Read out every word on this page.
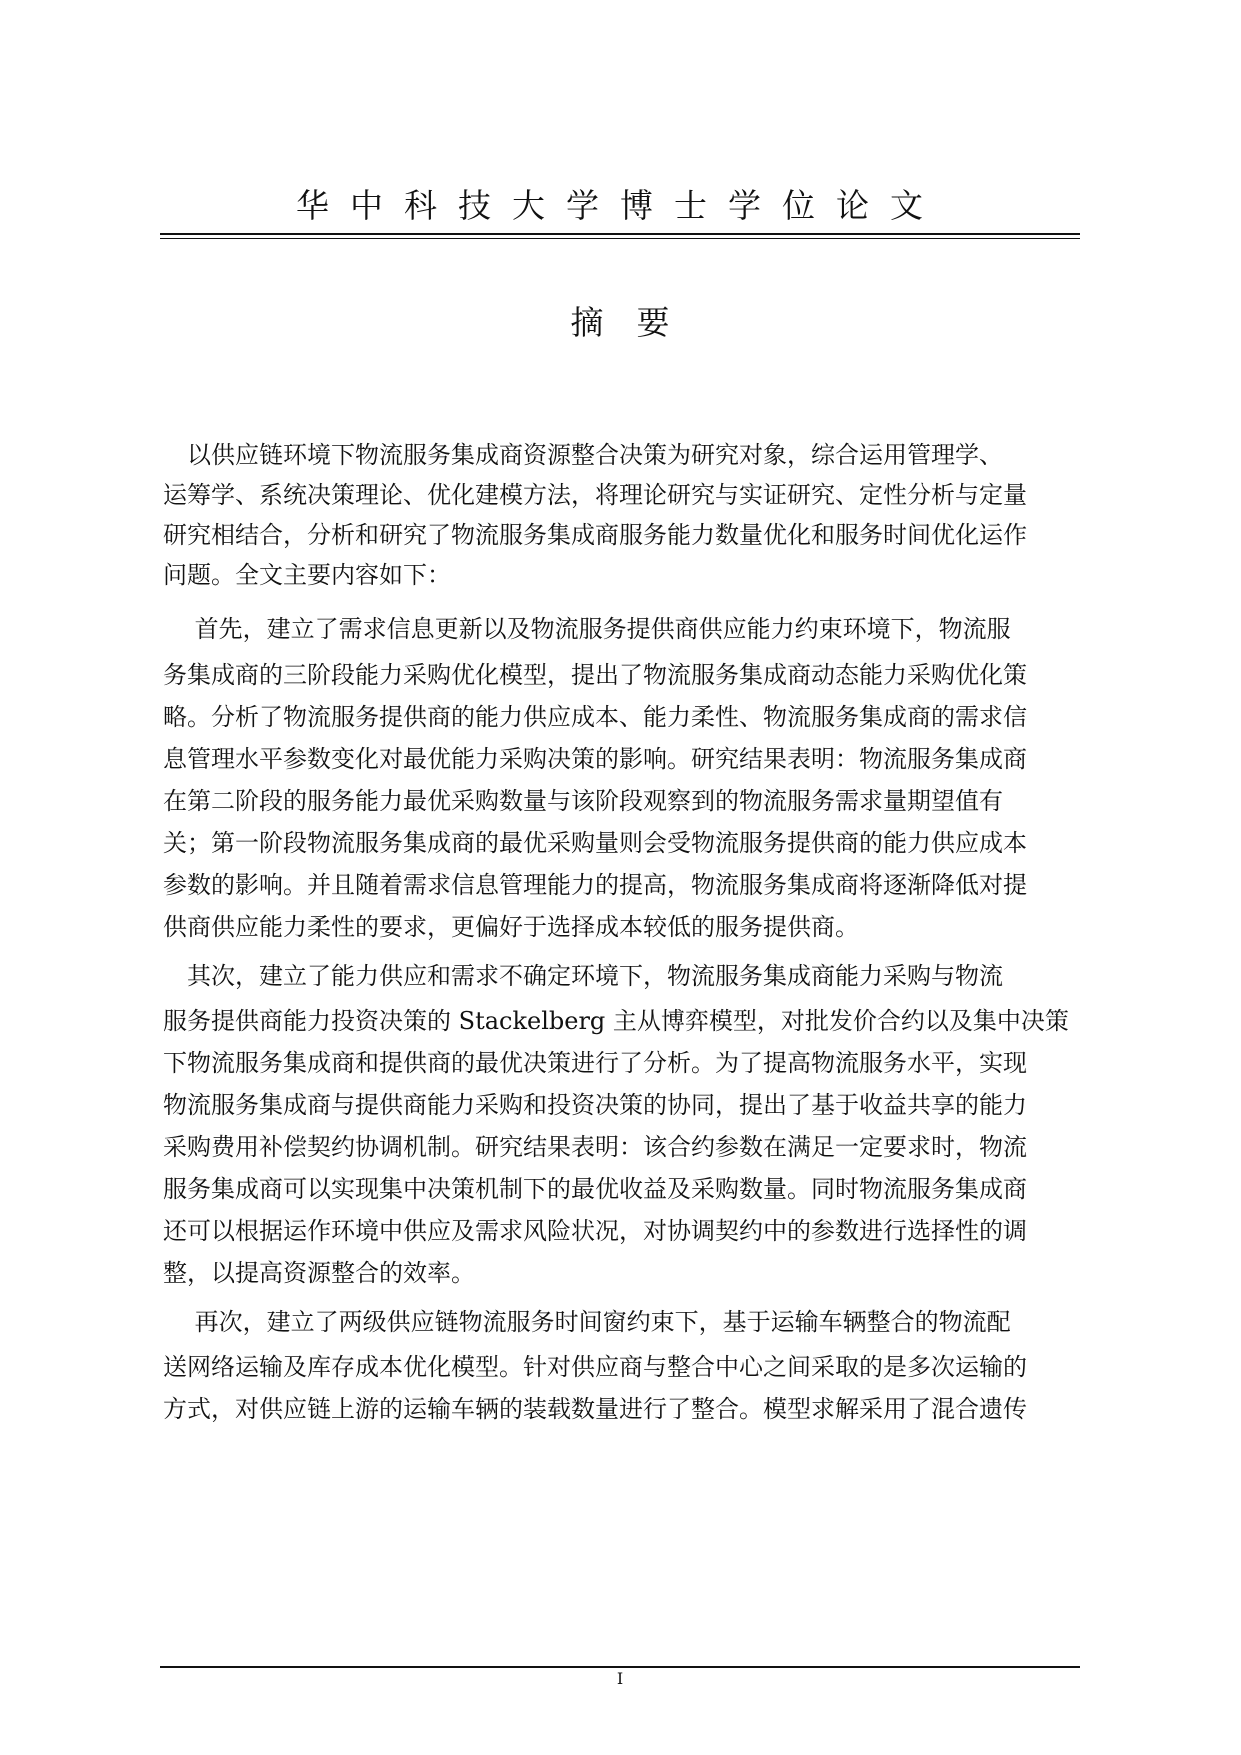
华中科技大学博士学位论文
摘　要
　以供应链环境下物流服务集成商资源整合决策为研究对象，综合运用管理学、
运筹学、系统决策理论、优化建模方法，将理论研究与实证研究、定性分析与定量
研究相结合，分析和研究了物流服务集成商服务能力数量优化和服务时间优化运作
问题。全文主要内容如下：
　 首先，建立了需求信息更新以及物流服务提供商供应能力约束环境下，物流服
务集成商的三阶段能力采购优化模型，提出了物流服务集成商动态能力采购优化策
略。分析了物流服务提供商的能力供应成本、能力柔性、物流服务集成商的需求信
息管理水平参数变化对最优能力采购决策的影响。研究结果表明：物流服务集成商
在第二阶段的服务能力最优采购数量与该阶段观察到的物流服务需求量期望值有
关；第一阶段物流服务集成商的最优采购量则会受物流服务提供商的能力供应成本
参数的影响。并且随着需求信息管理能力的提高，物流服务集成商将逐渐降低对提
供商供应能力柔性的要求，更偏好于选择成本较低的服务提供商。
　其次，建立了能力供应和需求不确定环境下，物流服务集成商能力采购与物流
服务提供商能力投资决策的 Stackelberg 主从博弈模型，对批发价合约以及集中决策
下物流服务集成商和提供商的最优决策进行了分析。为了提高物流服务水平，实现
物流服务集成商与提供商能力采购和投资决策的协同，提出了基于收益共享的能力
采购费用补偿契约协调机制。研究结果表明：该合约参数在满足一定要求时，物流
服务集成商可以实现集中决策机制下的最优收益及采购数量。同时物流服务集成商
还可以根据运作环境中供应及需求风险状况，对协调契约中的参数进行选择性的调
整，以提高资源整合的效率。
　 再次，建立了两级供应链物流服务时间窗约束下，基于运输车辆整合的物流配
送网络运输及库存成本优化模型。针对供应商与整合中心之间采取的是多次运输的
方式，对供应链上游的运输车辆的装载数量进行了整合。模型求解采用了混合遗传
I
